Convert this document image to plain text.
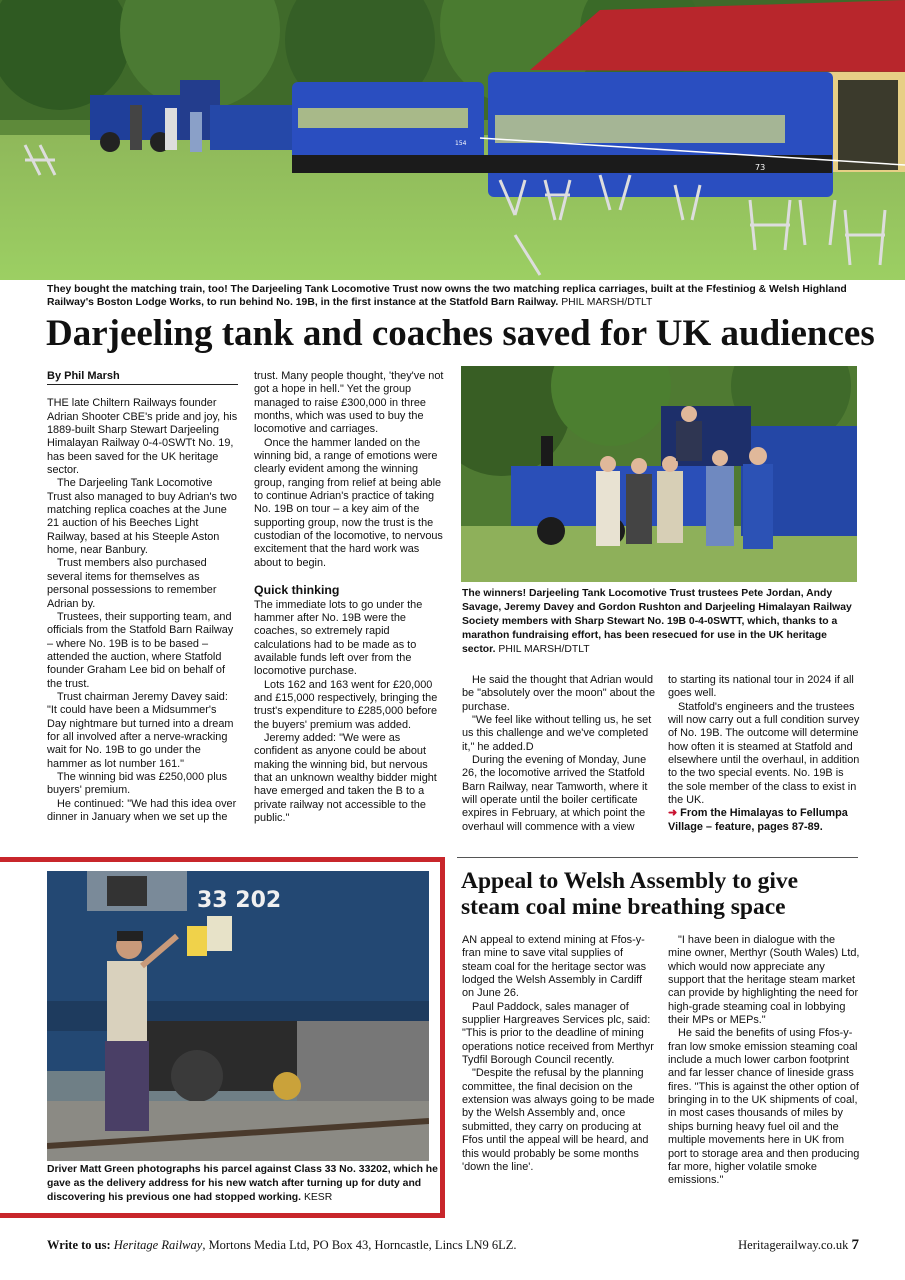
154
73
They bought the matching train, too! The Darjeeling Tank Locomotive Trust now owns the two matching replica carriages, built at the Ffestiniog & Welsh Highland Railway's Boston Lodge Works, to run behind No. 19B, in the first instance at the Statfold Barn Railway. PHIL MARSH/DTLT
Darjeeling tank and coaches saved for UK audiences
By Phil Marsh

THE late Chiltern Railways founder Adrian Shooter CBE's pride and joy, his 1889-built Sharp Stewart Darjeeling Himalayan Railway 0-4-0SWTt No. 19, has been saved for the UK heritage sector.

The Darjeeling Tank Locomotive Trust also managed to buy Adrian's two matching replica coaches at the June 21 auction of his Beeches Light Railway, based at his Steeple Aston home, near Banbury.

Trust members also purchased several items for themselves as personal possessions to remember Adrian by.

Trustees, their supporting team, and officials from the Statfold Barn Railway – where No. 19B is to be based – attended the auction, where Statfold founder Graham Lee bid on behalf of the trust.

Trust chairman Jeremy Davey said: "It could have been a Midsummer's Day nightmare but turned into a dream for all involved after a nerve-wracking wait for No. 19B to go under the hammer as lot number 161."

The winning bid was £250,000 plus buyers' premium.

He continued: "We had this idea over dinner in January when we set up the

trust. Many people thought, 'they've not got a hope in hell." Yet the group managed to raise £300,000 in three months, which was used to buy the locomotive and carriages.

Once the hammer landed on the winning bid, a range of emotions were clearly evident among the winning group, ranging from relief at being able to continue Adrian's practice of taking No. 19B on tour – a key aim of the supporting group, now the trust is the custodian of the locomotive, to nervous excitement that the hard work was about to begin.

Quick thinking

The immediate lots to go under the hammer after No. 19B were the coaches, so extremely rapid calculations had to be made as to available funds left over from the locomotive purchase.

Lots 162 and 163 went for £20,000 and £15,000 respectively, bringing the trust's expenditure to £285,000 before the buyers' premium was added.

Jeremy added: "We were as confident as anyone could be about making the winning bid, but nervous that an unknown wealthy bidder might have emerged and taken the B to a private railway not accessible to the public."

The winners! Darjeeling Tank Locomotive Trust trustees Pete Jordan, Andy Savage, Jeremy Davey and Gordon Rushton and Darjeeling Himalayan Railway Society members with Sharp Stewart No. 19B 0-4-0SWTT, which, thanks to a marathon fundraising effort, has been resecued for use in the UK heritage sector. PHIL MARSH/DTLT

He said the thought that Adrian would be "absolutely over the moon" about the purchase.

"We feel like without telling us, he set us this challenge and we've completed it," he added.D

During the evening of Monday, June 26, the locomotive arrived the Statfold Barn Railway, near Tamworth, where it will operate until the boiler certificate expires in February, at which point the overhaul will commence with a view

to starting its national tour in 2024 if all goes well.

Statfold's engineers and the trustees will now carry out a full condition survey of No. 19B. The outcome will determine how often it is steamed at Statfold and elsewhere until the overhaul, in addition to the two special events. No. 19B is the sole member of the class to exist in the UK.

➜ From the Himalayas to Fellumpa Village – feature, pages 87-89.

33 202
Driver Matt Green photographs his parcel against Class 33 No. 33202, which he gave as the delivery address for his new watch after turning up for duty and discovering his previous one had stopped working. KESR
Appeal to Welsh Assembly to give steam coal mine breathing space

AN appeal to extend mining at Ffos-y-fran mine to save vital supplies of steam coal for the heritage sector was lodged the Welsh Assembly in Cardiff on June 26.

Paul Paddock, sales manager of supplier Hargreaves Services plc, said: "This is prior to the deadline of mining operations notice received from Merthyr Tydfil Borough Council recently.

"Despite the refusal by the planning committee, the final decision on the extension was always going to be made by the Welsh Assembly and, once submitted, they carry on producing at Ffos until the appeal will be heard, and this would probably be some months 'down the line'.

"I have been in dialogue with the mine owner, Merthyr (South Wales) Ltd, which would now appreciate any support that the heritage steam market can provide by highlighting the need for high-grade steaming coal in lobbying their MPs or MEPs."

He said the benefits of using Ffos-y-fran low smoke emission steaming coal include a much lower carbon footprint and far lesser chance of lineside grass fires. "This is against the other option of bringing in to the UK shipments of coal, in most cases thousands of miles by ships burning heavy fuel oil and the multiple movements here in UK from port to storage area and then producing far more, higher volatile smoke emissions."

Write to us: Heritage Railway, Mortons Media Ltd, PO Box 43, Horncastle, Lincs LN9 6LZ.	Heritagerailway.co.uk 7
